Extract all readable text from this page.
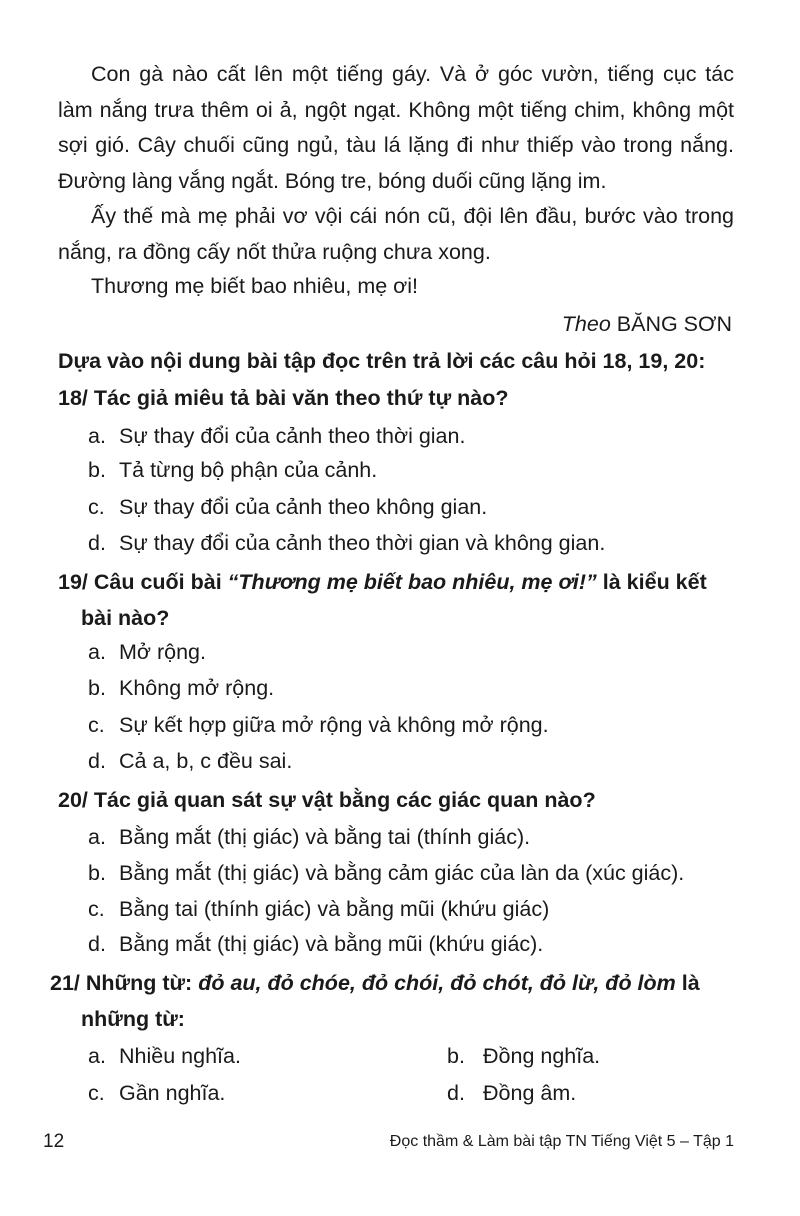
Con gà nào cất lên một tiếng gáy. Và ở góc vườn, tiếng cục tác làm nắng trưa thêm oi ả, ngột ngạt. Không một tiếng chim, không một sợi gió. Cây chuối cũng ngủ, tàu lá lặng đi như thiếp vào trong nắng. Đường làng vắng ngắt. Bóng tre, bóng duối cũng lặng im.
Ấy thế mà mẹ phải vơ vội cái nón cũ, đội lên đầu, bước vào trong nắng, ra đồng cấy nốt thửa ruộng chưa xong.
Thương mẹ biết bao nhiêu, mẹ ơi!
Theo BĂNG SƠN
Dựa vào nội dung bài tập đọc trên trả lời các câu hỏi 18, 19, 20:
18/ Tác giả miêu tả bài văn theo thứ tự nào?
a. Sự thay đổi của cảnh theo thời gian.
b. Tả từng bộ phận của cảnh.
c. Sự thay đổi của cảnh theo không gian.
d. Sự thay đổi của cảnh theo thời gian và không gian.
19/ Câu cuối bài “Thương mẹ biết bao nhiêu, mẹ ơi!” là kiểu kết
bài nào?
a. Mở rộng.
b. Không mở rộng.
c. Sự kết hợp giữa mở rộng và không mở rộng.
d. Cả a, b, c đều sai.
20/ Tác giả quan sát sự vật bằng các giác quan nào?
a. Bằng mắt (thị giác) và bằng tai (thính giác).
b. Bằng mắt (thị giác) và bằng cảm giác của làn da (xúc giác).
c. Bằng tai (thính giác) và bằng mũi (khứu giác)
d. Bằng mắt (thị giác) và bằng mũi (khứu giác).
21/ Những từ: đỏ au, đỏ chóe, đỏ chói, đỏ chót, đỏ lừ, đỏ lòm là
những từ:
a. Nhiều nghĩa.	b. Đồng nghĩa.
c. Gần nghĩa.	d. Đồng âm.
12	Đọc thầm & Làm bài tập TN Tiếng Việt 5 – Tập 1
